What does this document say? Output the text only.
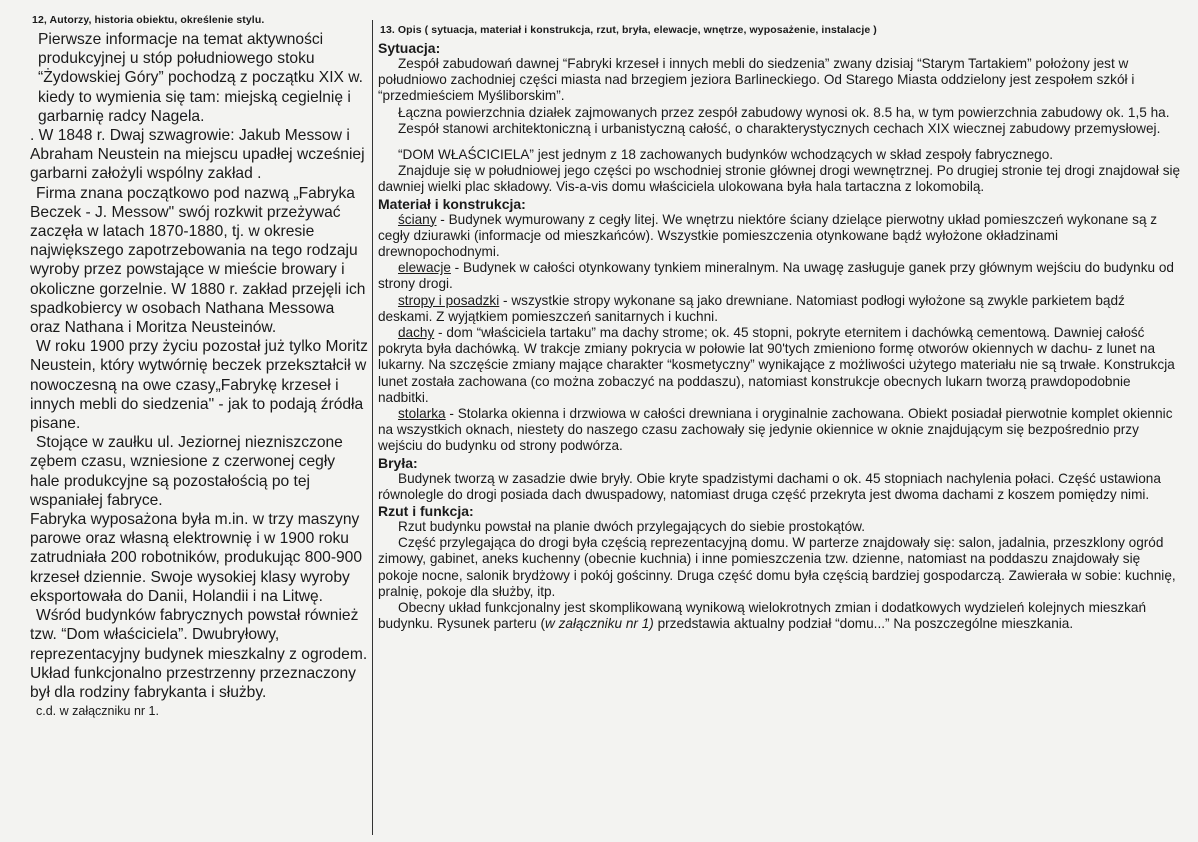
12, Autorzy, historia obiektu, określenie stylu.

Pierwsze informacje na temat aktywności produkcyjnej u stóp południowego stoku “Żydowskiej Góry” pochodzą z początku XIX w. kiedy to wymienia się tam: miejską cegielnię i garbarnię radcy Nagela.

. W 1848 r. Dwaj szwagrowie: Jakub Messow i Abraham Neustein na miejscu upadłej wcześniej garbarni założyli wspólny zakład .

Firma znana początkowo pod nazwą „Fabryka Beczek - J. Messow" swój rozkwit przeżywać zaczęła w latach 1870-1880, tj. w okresie największego zapotrzebowania na tego rodzaju wyroby przez powstające w mieście browary i okoliczne gorzelnie. W 1880 r. zakład przejęli ich spadkobiercy w osobach Nathana Messowa oraz Nathana i Moritza Neusteinów.

W roku 1900 przy życiu pozostał już tylko Moritz Neustein, który wytwórnię beczek przekształcił w nowoczesną na owe czasy„Fabrykę krzeseł i innych mebli do siedzenia" - jak to podają źródła pisane.

Stojące w zaułku ul. Jeziornej niezniszczone zębem czasu, wzniesione z czerwonej cegły hale produkcyjne są pozostałością po tej wspaniałej fabryce.

Fabryka wyposażona była m.in. w trzy maszyny parowe oraz własną elektrownię i w 1900 roku zatrudniała 200 robotników, produkując 800-900 krzeseł dziennie. Swoje wysokiej klasy wyroby eksportowała do Danii, Holandii i na Litwę.

Wśród budynków fabrycznych powstał również tzw. “Dom właściciela”. Dwubryłowy, reprezentacyjny budynek mieszkalny z ogrodem. Układ funkcjonalno przestrzenny przeznaczony był dla rodziny fabrykanta i służby.

c.d. w załączniku nr 1.

13. Opis ( sytuacja, materiał i konstrukcja, rzut, bryła, elewacje, wnętrze, wyposażenie, instalacje )
Sytuacja:

Zespół zabudowań dawnej “Fabryki krzeseł i innych mebli do siedzenia” zwany dzisiaj “Starym Tartakiem” położony jest w południowo zachodniej części miasta nad brzegiem jeziora Barlineckiego. Od Starego Miasta oddzielony jest zespołem szkół i “przedmieściem Myśliborskim”.

Łączna powierzchnia działek zajmowanych przez zespół zabudowy wynosi ok. 8.5 ha, w tym powierzchnia zabudowy ok. 1,5 ha.

Zespół stanowi architektoniczną i urbanistyczną całość, o charakterystycznych cechach XIX wiecznej zabudowy przemysłowej.

“DOM WŁAŚCICIELA” jest jednym z 18 zachowanych budynków wchodzących w skład zespoły fabrycznego.

Znajduje się w południowej jego części po wschodniej stronie głównej drogi wewnętrznej. Po drugiej stronie tej drogi znajdował się dawniej wielki plac składowy. Vis-a-vis domu właściciela ulokowana była hala tartaczna z lokomobilą.

Materiał i konstrukcja:

ściany - Budynek wymurowany z cegły litej. We wnętrzu niektóre ściany dzielące pierwotny układ pomieszczeń wykonane są z cegły dziurawki (informacje od mieszkańców). Wszystkie pomieszczenia otynkowane bądź wyłożone okładzinami drewnopochodnymi.

elewacje - Budynek w całości otynkowany tynkiem mineralnym. Na uwagę zasługuje ganek przy głównym wejściu do budynku od strony drogi.

stropy i posadzki - wszystkie stropy wykonane są jako drewniane. Natomiast podłogi wyłożone są zwykle parkietem bądź deskami. Z wyjątkiem pomieszczeń sanitarnych i kuchni.

dachy - dom “właściciela tartaku” ma dachy strome; ok. 45 stopni, pokryte eternitem i dachówką cementową. Dawniej całość pokryta była dachówką. W trakcje zmiany pokrycia w połowie lat 90'tych zmieniono formę otworów okiennych w dachu- z lunet na lukarny. Na szczęście zmiany mające charakter “kosmetyczny” wynikające z możliwości użytego materiału nie są trwałe. Konstrukcja lunet została zachowana (co można zobaczyć na poddaszu), natomiast konstrukcje obecnych lukarn tworzą prawdopodobnie nadbitki.

stolarka - Stolarka okienna i drzwiowa w całości drewniana i oryginalnie zachowana. Obiekt posiadał pierwotnie komplet okiennic na wszystkich oknach, niestety do naszego czasu zachowały się jedynie okiennice w oknie znajdującym się bezpośrednio przy wejściu do budynku od strony podwórza.

Bryła:

Budynek tworzą w zasadzie dwie bryły. Obie kryte spadzistymi dachami o ok. 45 stopniach nachylenia połaci. Część ustawiona równolegle do drogi posiada dach dwuspadowy, natomiast druga część przekryta jest dwoma dachami z koszem pomiędzy nimi.

Rzut i funkcja:

Rzut budynku powstał na planie dwóch przylegających do siebie prostokątów.

Część przylegająca do drogi była częścią reprezentacyjną domu. W parterze znajdowały się: salon, jadalnia, przeszklony ogród zimowy, gabinet, aneks kuchenny (obecnie kuchnia) i inne pomieszczenia tzw. dzienne, natomiast na poddaszu znajdowały się pokoje nocne, salonik brydżowy i pokój gościnny. Druga część domu była częścią bardziej gospodarczą. Zawierała w sobie: kuchnię, pralnię, pokoje dla służby, itp.

Obecny układ funkcjonalny jest skomplikowaną wynikową wielokrotnych zmian i dodatkowych wydzieleń kolejnych mieszkań budynku. Rysunek parteru (w załączniku nr 1) przedstawia aktualny podział “domu...” Na poszczególne mieszkania.
